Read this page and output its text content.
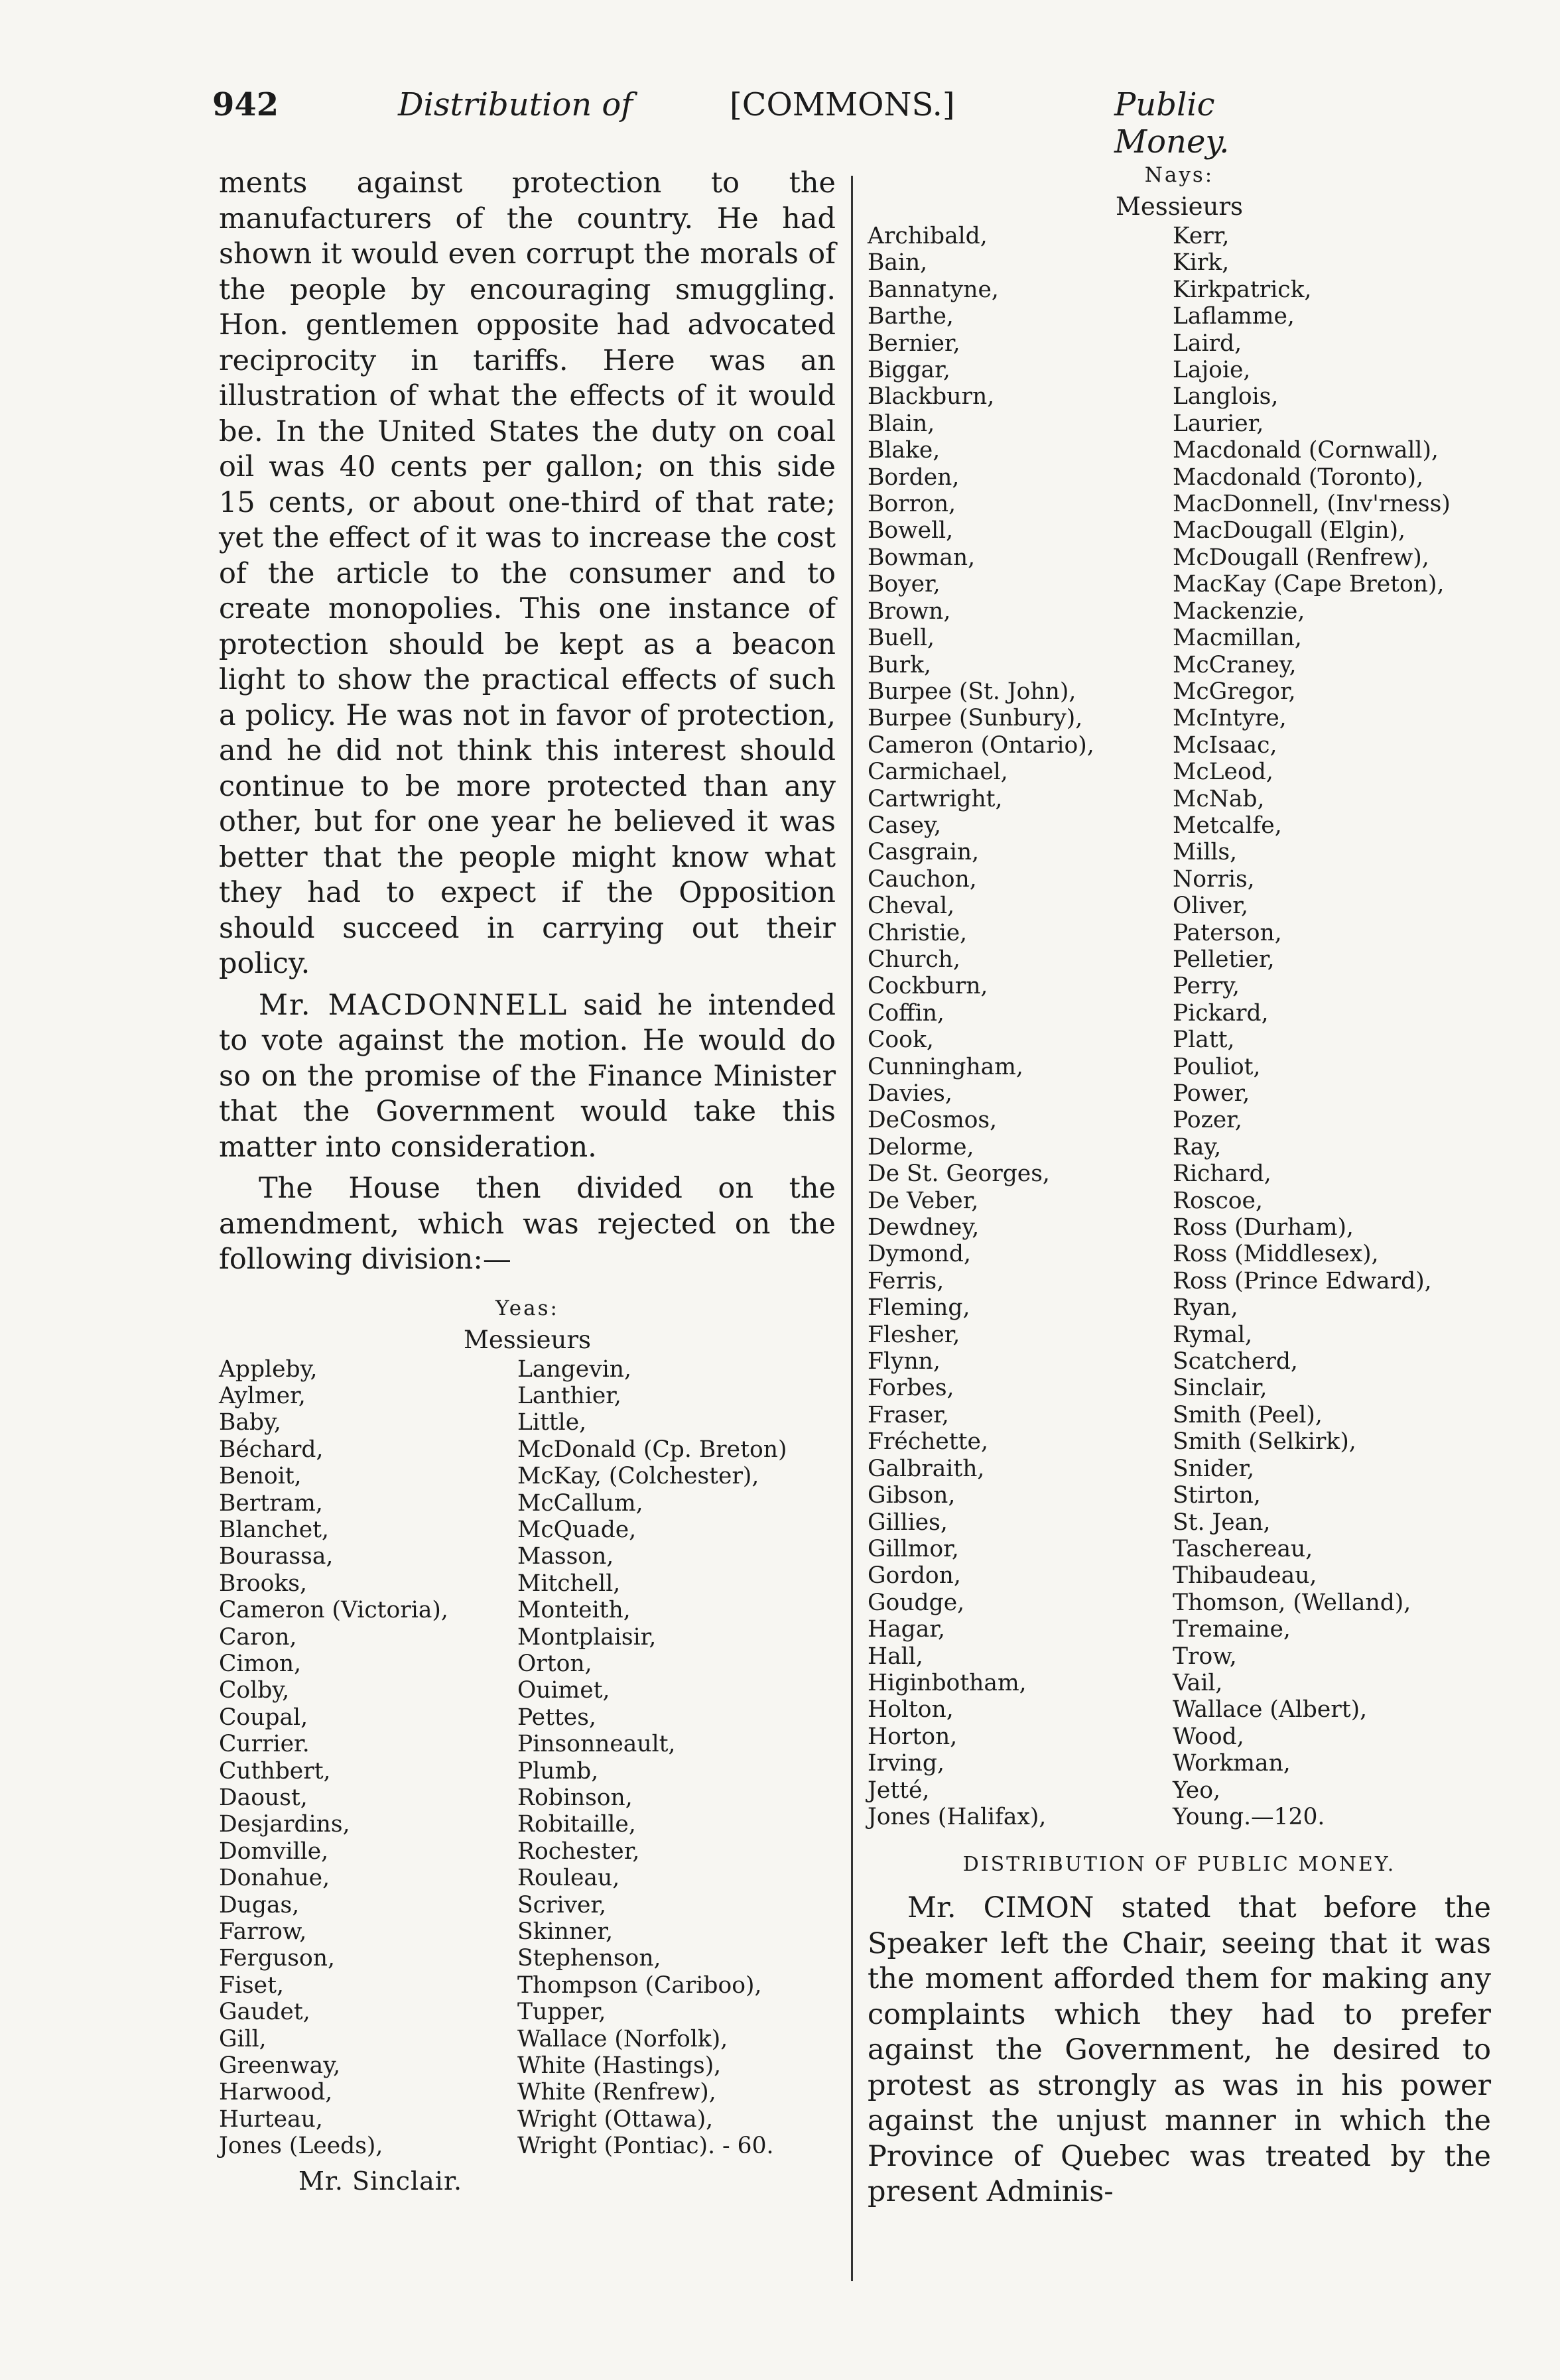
942	Distribution of	[COMMONS.]	Public Money.

ments against protection to the manufacturers of the country. He had shown it would even corrupt the morals of the people by encouraging smuggling. Hon. gentlemen opposite had advocated reciprocity in tariffs. Here was an illustration of what the effects of it would be. In the United States the duty on coal oil was 40 cents per gallon; on this side 15 cents, or about one-third of that rate; yet the effect of it was to increase the cost of the article to the consumer and to create monopolies. This one instance of protection should be kept as a beacon light to show the practical effects of such a policy. He was not in favor of protection, and he did not think this interest should continue to be more protected than any other, but for one year he believed it was better that the people might know what they had to expect if the Opposition should succeed in carrying out their policy.

Mr. MACDONNELL said he intended to vote against the motion. He would do so on the promise of the Finance Minister that the Government would take this matter into consideration.

The House then divided on the amendment, which was rejected on the following division:—

Yeas:

Messieurs

Appleby,
Aylmer,
Baby,
Béchard,
Benoit,
Bertram,
Blanchet,
Bourassa,
Brooks,
Cameron (Victoria),
Caron,
Cimon,
Colby,
Coupal,
Currier.
Cuthbert,
Daoust,
Desjardins,
Domville,
Donahue,
Dugas,
Farrow,
Ferguson,
Fiset,
Gaudet,
Gill,
Greenway,
Harwood,
Hurteau,
Jones (Leeds),
Langevin,
Lanthier,
Little,
McDonald (Cp. Breton)
McKay, (Colchester),
McCallum,
McQuade,
Masson,
Mitchell,
Monteith,
Montplaisir,
Orton,
Ouimet,
Pettes,
Pinsonneault,
Plumb,
Robinson,
Robitaille,
Rochester,
Rouleau,
Scriver,
Skinner,
Stephenson,
Thompson (Cariboo),
Tupper,
Wallace (Norfolk),
White (Hastings),
White (Renfrew),
Wright (Ottawa),
Wright (Pontiac). - 60.

Mr. Sinclair.

Nays:

Messieurs

Archibald,
Bain,
Bannatyne,
Barthe,
Bernier,
Biggar,
Blackburn,
Blain,
Blake,
Borden,
Borron,
Bowell,
Bowman,
Boyer,
Brown,
Buell,
Burk,
Burpee (St. John),
Burpee (Sunbury),
Cameron (Ontario),
Carmichael,
Cartwright,
Casey,
Casgrain,
Cauchon,
Cheval,
Christie,
Church,
Cockburn,
Coffin,
Cook,
Cunningham,
Davies,
DeCosmos,
Delorme,
De St. Georges,
De Veber,
Dewdney,
Dymond,
Ferris,
Fleming,
Flesher,
Flynn,
Forbes,
Fraser,
Fréchette,
Galbraith,
Gibson,
Gillies,
Gillmor,
Gordon,
Goudge,
Hagar,
Hall,
Higinbotham,
Holton,
Horton,
Irving,
Jetté,
Jones (Halifax),
Kerr,
Kirk,
Kirkpatrick,
Laflamme,
Laird,
Lajoie,
Langlois,
Laurier,
Macdonald (Cornwall),
Macdonald (Toronto),
MacDonnell, (Inv'rness)
MacDougall (Elgin),
McDougall (Renfrew),
MacKay (Cape Breton),
Mackenzie,
Macmillan,
McCraney,
McGregor,
McIntyre,
McIsaac,
McLeod,
McNab,
Metcalfe,
Mills,
Norris,
Oliver,
Paterson,
Pelletier,
Perry,
Pickard,
Platt,
Pouliot,
Power,
Pozer,
Ray,
Richard,
Roscoe,
Ross (Durham),
Ross (Middlesex),
Ross (Prince Edward),
Ryan,
Rymal,
Scatcherd,
Sinclair,
Smith (Peel),
Smith (Selkirk),
Snider,
Stirton,
St. Jean,
Taschereau,
Thibaudeau,
Thomson, (Welland),
Tremaine,
Trow,
Vail,
Wallace (Albert),
Wood,
Workman,
Yeo,
Young.—120.

DISTRIBUTION OF PUBLIC MONEY.

Mr. CIMON stated that before the Speaker left the Chair, seeing that it was the moment afforded them for making any complaints which they had to prefer against the Government, he desired to protest as strongly as was in his power against the unjust manner in which the Province of Quebec was treated by the present Adminis-
